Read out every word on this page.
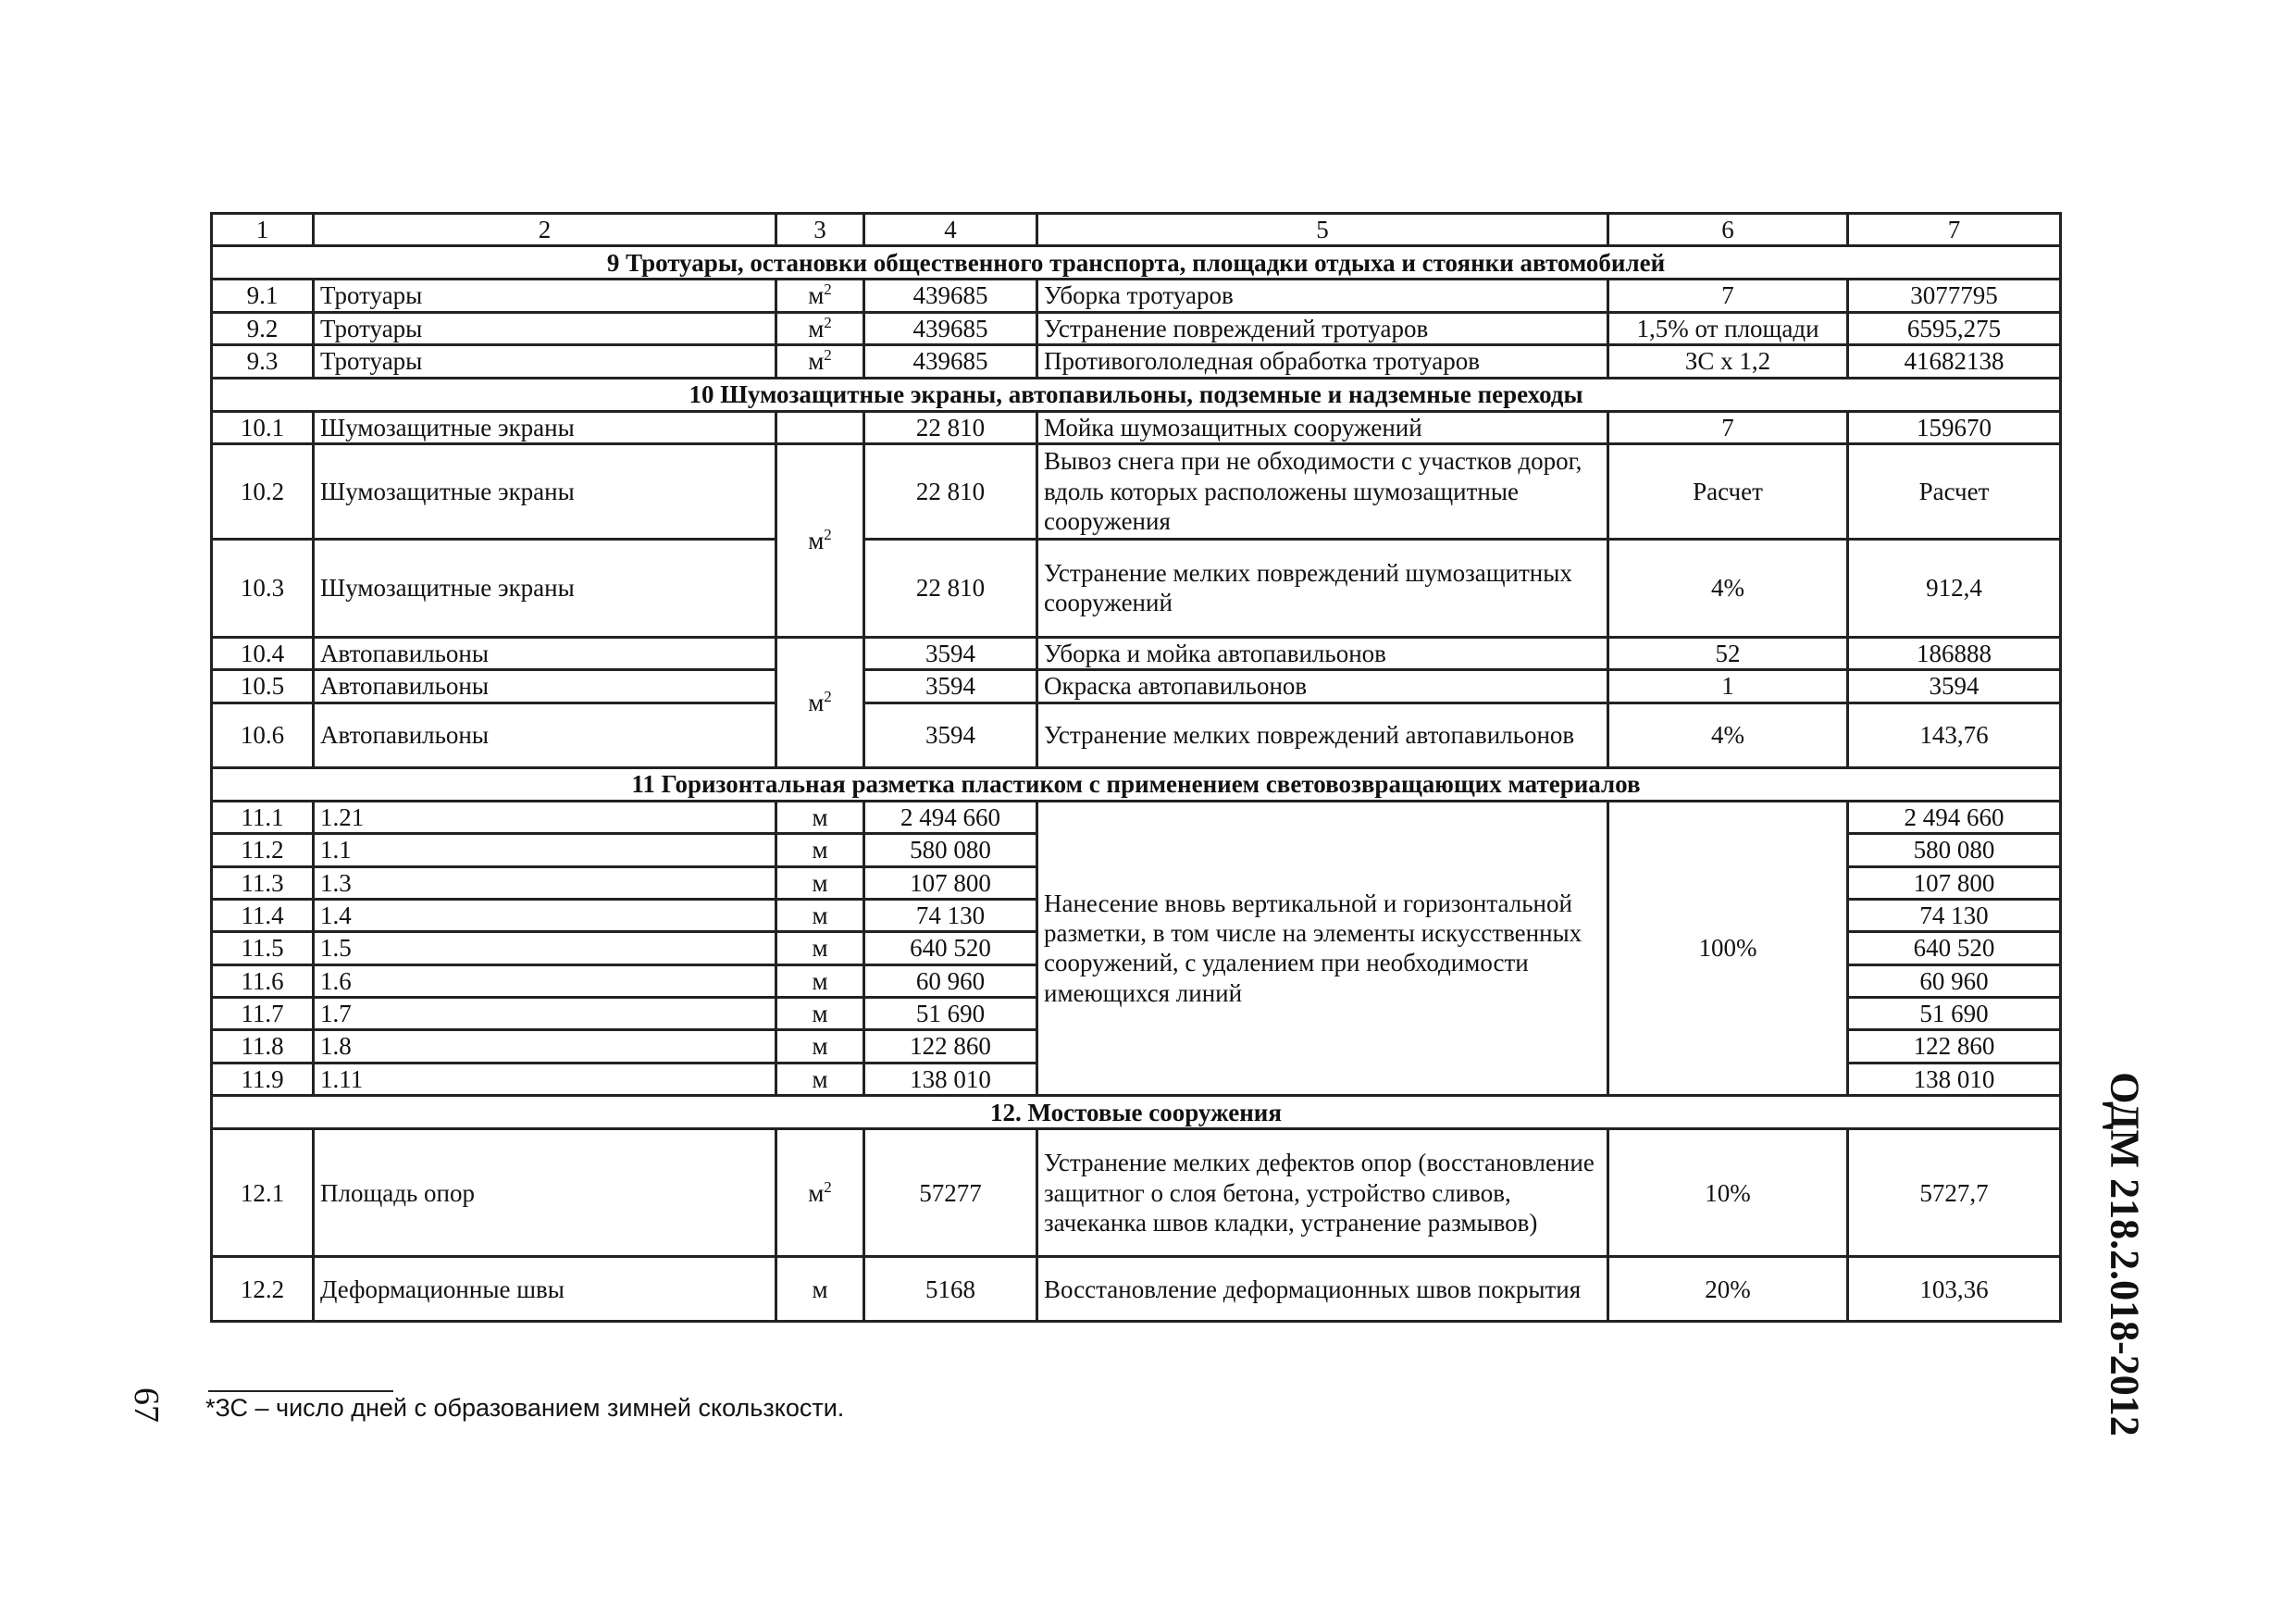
1	2	3	4	5	6	7
9 Тротуары, остановки общественного транспорта, площадки отдыха и стоянки автомобилей						
9.1	Тротуары	$м^2$	439685	Уборка тротуаров	7	3077795
9.2	Тротуары	$м^2$	439685	Устранение повреждений тротуаров	1,5% от площади	6595,275
9.3	Тротуары	$м^2$	439685	Противогололедная обработка тротуаров	ЗС х 1,2	41682138
10 Шумозащитные экраны, автопавильоны, подземные и надземные переходы						
10.1	Шумозащитные экраны		22 810	Мойка шумозащитных сооружений	7	159670
10.2	Шумозащитные экраны	$м^2$	22 810	Вывоз снега при не обходимости с участков дорог, вдоль которых расположены шумозащитные сооружения	Расчет	Расчет
10.3	Шумозащитные экраны		22 810	Устранение мелких повреждений шумозащитных сооружений	4%	912,4
10.4	Автопавильоны	$м^2$	3594	Уборка и мойка автопавильонов	52	186888
10.5	Автопавильоны		3594	Окраска автопавильонов	1	3594
10.6	Автопавильоны		3594	Устранение мелких повреждений автопавильонов	4%	143,76
11 Горизонтальная разметка пластиком с применением световозвращающих материалов						
11.1	1.21	м	2 494 660	Нанесение вновь вертикальной и горизонтальной разметки, в том числе на элементы искусственных сооружений, с удалением при необходимости имеющихся линий	100%	2 494 660
11.2	1.1	м	580 080			580 080
11.3	1.3	м	107 800			107 800
11.4	1.4	м	74 130			74 130
11.5	1.5	м	640 520			640 520
11.6	1.6	м	60 960			60 960
11.7	1.7	м	51 690			51 690
11.8	1.8	м	122 860			122 860
11.9	1.11	м	138 010			138 010
12. Мостовые сооружения						
12.1	Площадь опор	$м^2$	57277	Устранение мелких дефектов опор (восстановление защитног о слоя бетона, устройство сливов, зачеканка швов кладки, устранение размывов)	10%	5727,7
12.2	Деформационные швы	м	5168	Восстановление деформационных швов покрытия	20%	103,36
*ЗС – число дней с образованием зимней скользкости.
67	ОДМ 218.2.018-2012
